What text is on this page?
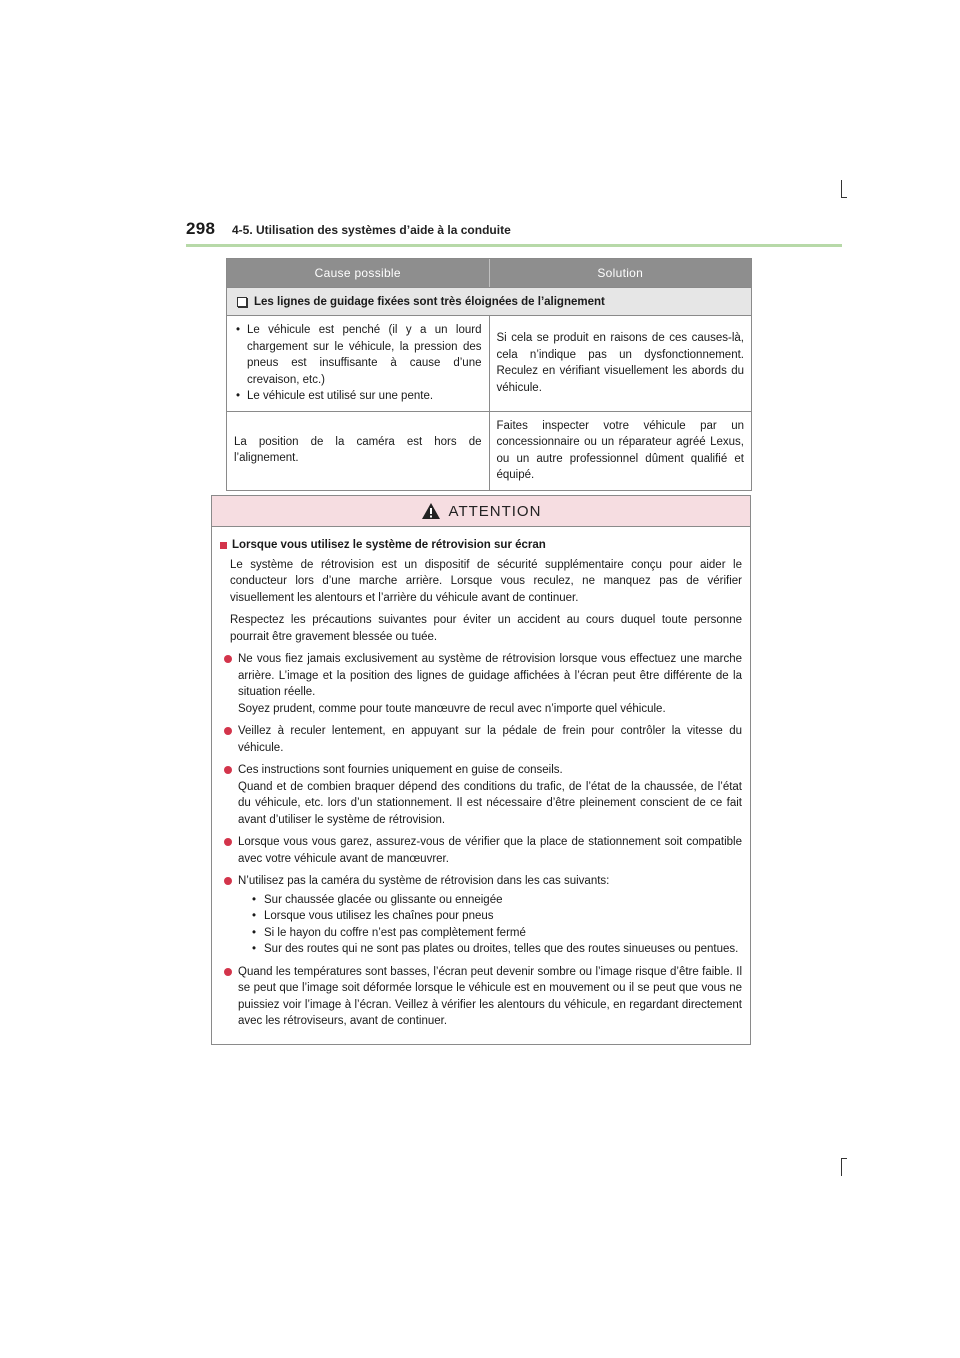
298 4-5. Utilisation des systèmes d’aide à la conduite
Cause possible	Solution
Les lignes de guidage fixées sont très éloignées de l’alignement
• Le véhicule est penché (il y a un lourd chargement sur le véhicule, la pression des pneus est insuffisante à cause d’une crevaison, etc.)
• Le véhicule est utilisé sur une pente.
Si cela se produit en raisons de ces causes-là, cela n’indique pas un dysfonctionnement. Reculez en vérifiant visuellement les abords du véhicule.
La position de la caméra est hors de l’alignement.
Faites inspecter votre véhicule par un concessionnaire ou un réparateur agréé Lexus, ou un autre professionnel dûment qualifié et équipé.
ATTENTION
Lorsque vous utilisez le système de rétrovision sur écran
Le système de rétrovision est un dispositif de sécurité supplémentaire conçu pour aider le conducteur lors d’une marche arrière. Lorsque vous reculez, ne manquez pas de vérifier visuellement les alentours et l’arrière du véhicule avant de continuer.
Respectez les précautions suivantes pour éviter un accident au cours duquel toute personne pourrait être gravement blessée ou tuée.
Ne vous fiez jamais exclusivement au système de rétrovision lorsque vous effectuez une marche arrière. L’image et la position des lignes de guidage affichées à l’écran peut être différente de la situation réelle.
Soyez prudent, comme pour toute manœuvre de recul avec n’importe quel véhicule.
Veillez à reculer lentement, en appuyant sur la pédale de frein pour contrôler la vitesse du véhicule.
Ces instructions sont fournies uniquement en guise de conseils.
Quand et de combien braquer dépend des conditions du trafic, de l’état de la chaussée, de l’état du véhicule, etc. lors d’un stationnement. Il est nécessaire d’être pleinement conscient de ce fait avant d’utiliser le système de rétrovision.
Lorsque vous vous garez, assurez-vous de vérifier que la place de stationnement soit compatible avec votre véhicule avant de manœuvrer.
N’utilisez pas la caméra du système de rétrovision dans les cas suivants:
• Sur chaussée glacée ou glissante ou enneigée
• Lorsque vous utilisez les chaînes pour pneus
• Si le hayon du coffre n’est pas complètement fermé
• Sur des routes qui ne sont pas plates ou droites, telles que des routes sinueuses ou pentues.
Quand les températures sont basses, l’écran peut devenir sombre ou l’image risque d’être faible. Il se peut que l’image soit déformée lorsque le véhicule est en mouvement ou il se peut que vous ne puissiez voir l’image à l’écran. Veillez à vérifier les alentours du véhicule, en regardant directement avec les rétroviseurs, avant de continuer.
